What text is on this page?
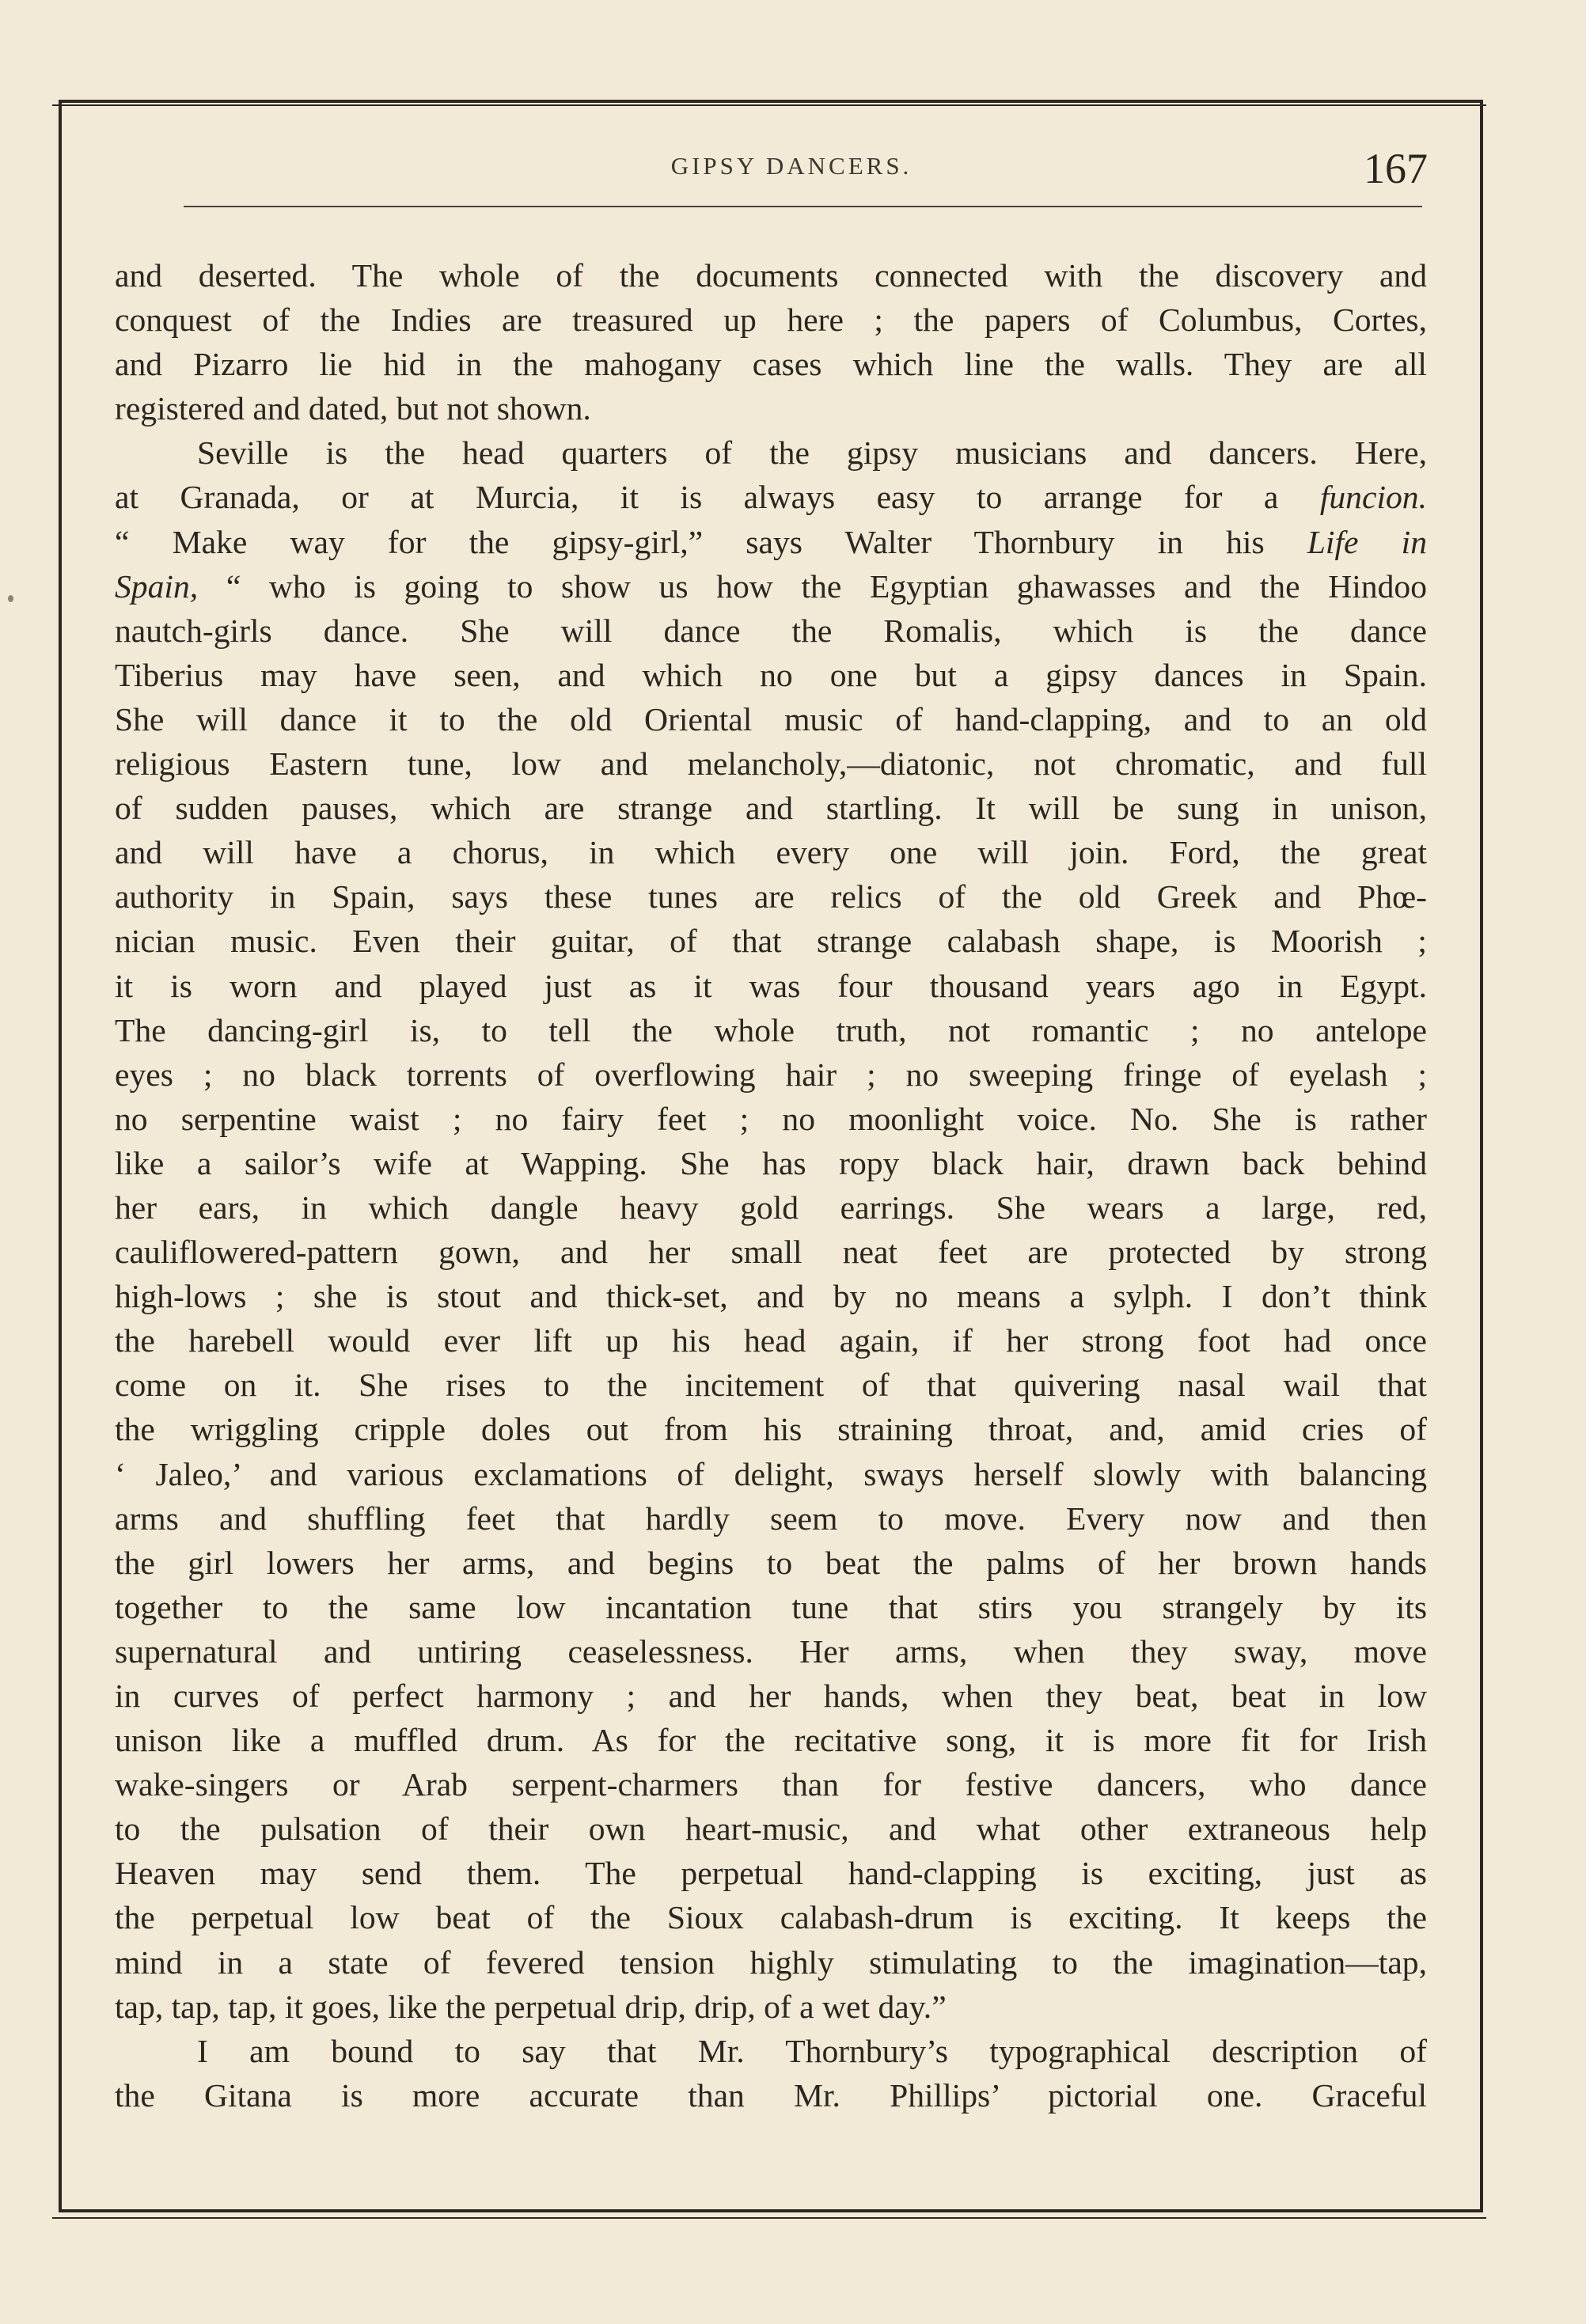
GIPSY DANCERS.	167
and deserted. The whole of the documents connected with the discovery and
conquest of the Indies are treasured up here ; the papers of Columbus, Cortes,
and Pizarro lie hid in the mahogany cases which line the walls. They are all
registered and dated, but not shown.
Seville is the head quarters of the gipsy musicians and dancers. Here,
at Granada, or at Murcia, it is always easy to arrange for a funcion.
“ Make way for the gipsy-girl,” says Walter Thornbury in his Life in
Spain, “ who is going to show us how the Egyptian ghawasses and the Hindoo
nautch-girls dance. She will dance the Romalis, which is the dance
Tiberius may have seen, and which no one but a gipsy dances in Spain.
She will dance it to the old Oriental music of hand-clapping, and to an old
religious Eastern tune, low and melancholy,—diatonic, not chromatic, and full
of sudden pauses, which are strange and startling. It will be sung in unison,
and will have a chorus, in which every one will join. Ford, the great
authority in Spain, says these tunes are relics of the old Greek and Phœ-
nician music. Even their guitar, of that strange calabash shape, is Moorish ;
it is worn and played just as it was four thousand years ago in Egypt.
The dancing-girl is, to tell the whole truth, not romantic ; no antelope
eyes ; no black torrents of overflowing hair ; no sweeping fringe of eyelash ;
no serpentine waist ; no fairy feet ; no moonlight voice. No. She is rather
like a sailor’s wife at Wapping. She has ropy black hair, drawn back behind
her ears, in which dangle heavy gold earrings. She wears a large, red,
cauliflowered-pattern gown, and her small neat feet are protected by strong
high-lows ; she is stout and thick-set, and by no means a sylph. I don’t think
the harebell would ever lift up his head again, if her strong foot had once
come on it. She rises to the incitement of that quivering nasal wail that
the wriggling cripple doles out from his straining throat, and, amid cries of
‘ Jaleo,’ and various exclamations of delight, sways herself slowly with balancing
arms and shuffling feet that hardly seem to move. Every now and then
the girl lowers her arms, and begins to beat the palms of her brown hands
together to the same low incantation tune that stirs you strangely by its
supernatural and untiring ceaselessness. Her arms, when they sway, move
in curves of perfect harmony ; and her hands, when they beat, beat in low
unison like a muffled drum. As for the recitative song, it is more fit for Irish
wake-singers or Arab serpent-charmers than for festive dancers, who dance
to the pulsation of their own heart-music, and what other extraneous help
Heaven may send them. The perpetual hand-clapping is exciting, just as
the perpetual low beat of the Sioux calabash-drum is exciting. It keeps the
mind in a state of fevered tension highly stimulating to the imagination—tap,
tap, tap, tap, it goes, like the perpetual drip, drip, of a wet day.”
I am bound to say that Mr. Thornbury’s typographical description of
the Gitana is more accurate than Mr. Phillips’ pictorial one. Graceful
